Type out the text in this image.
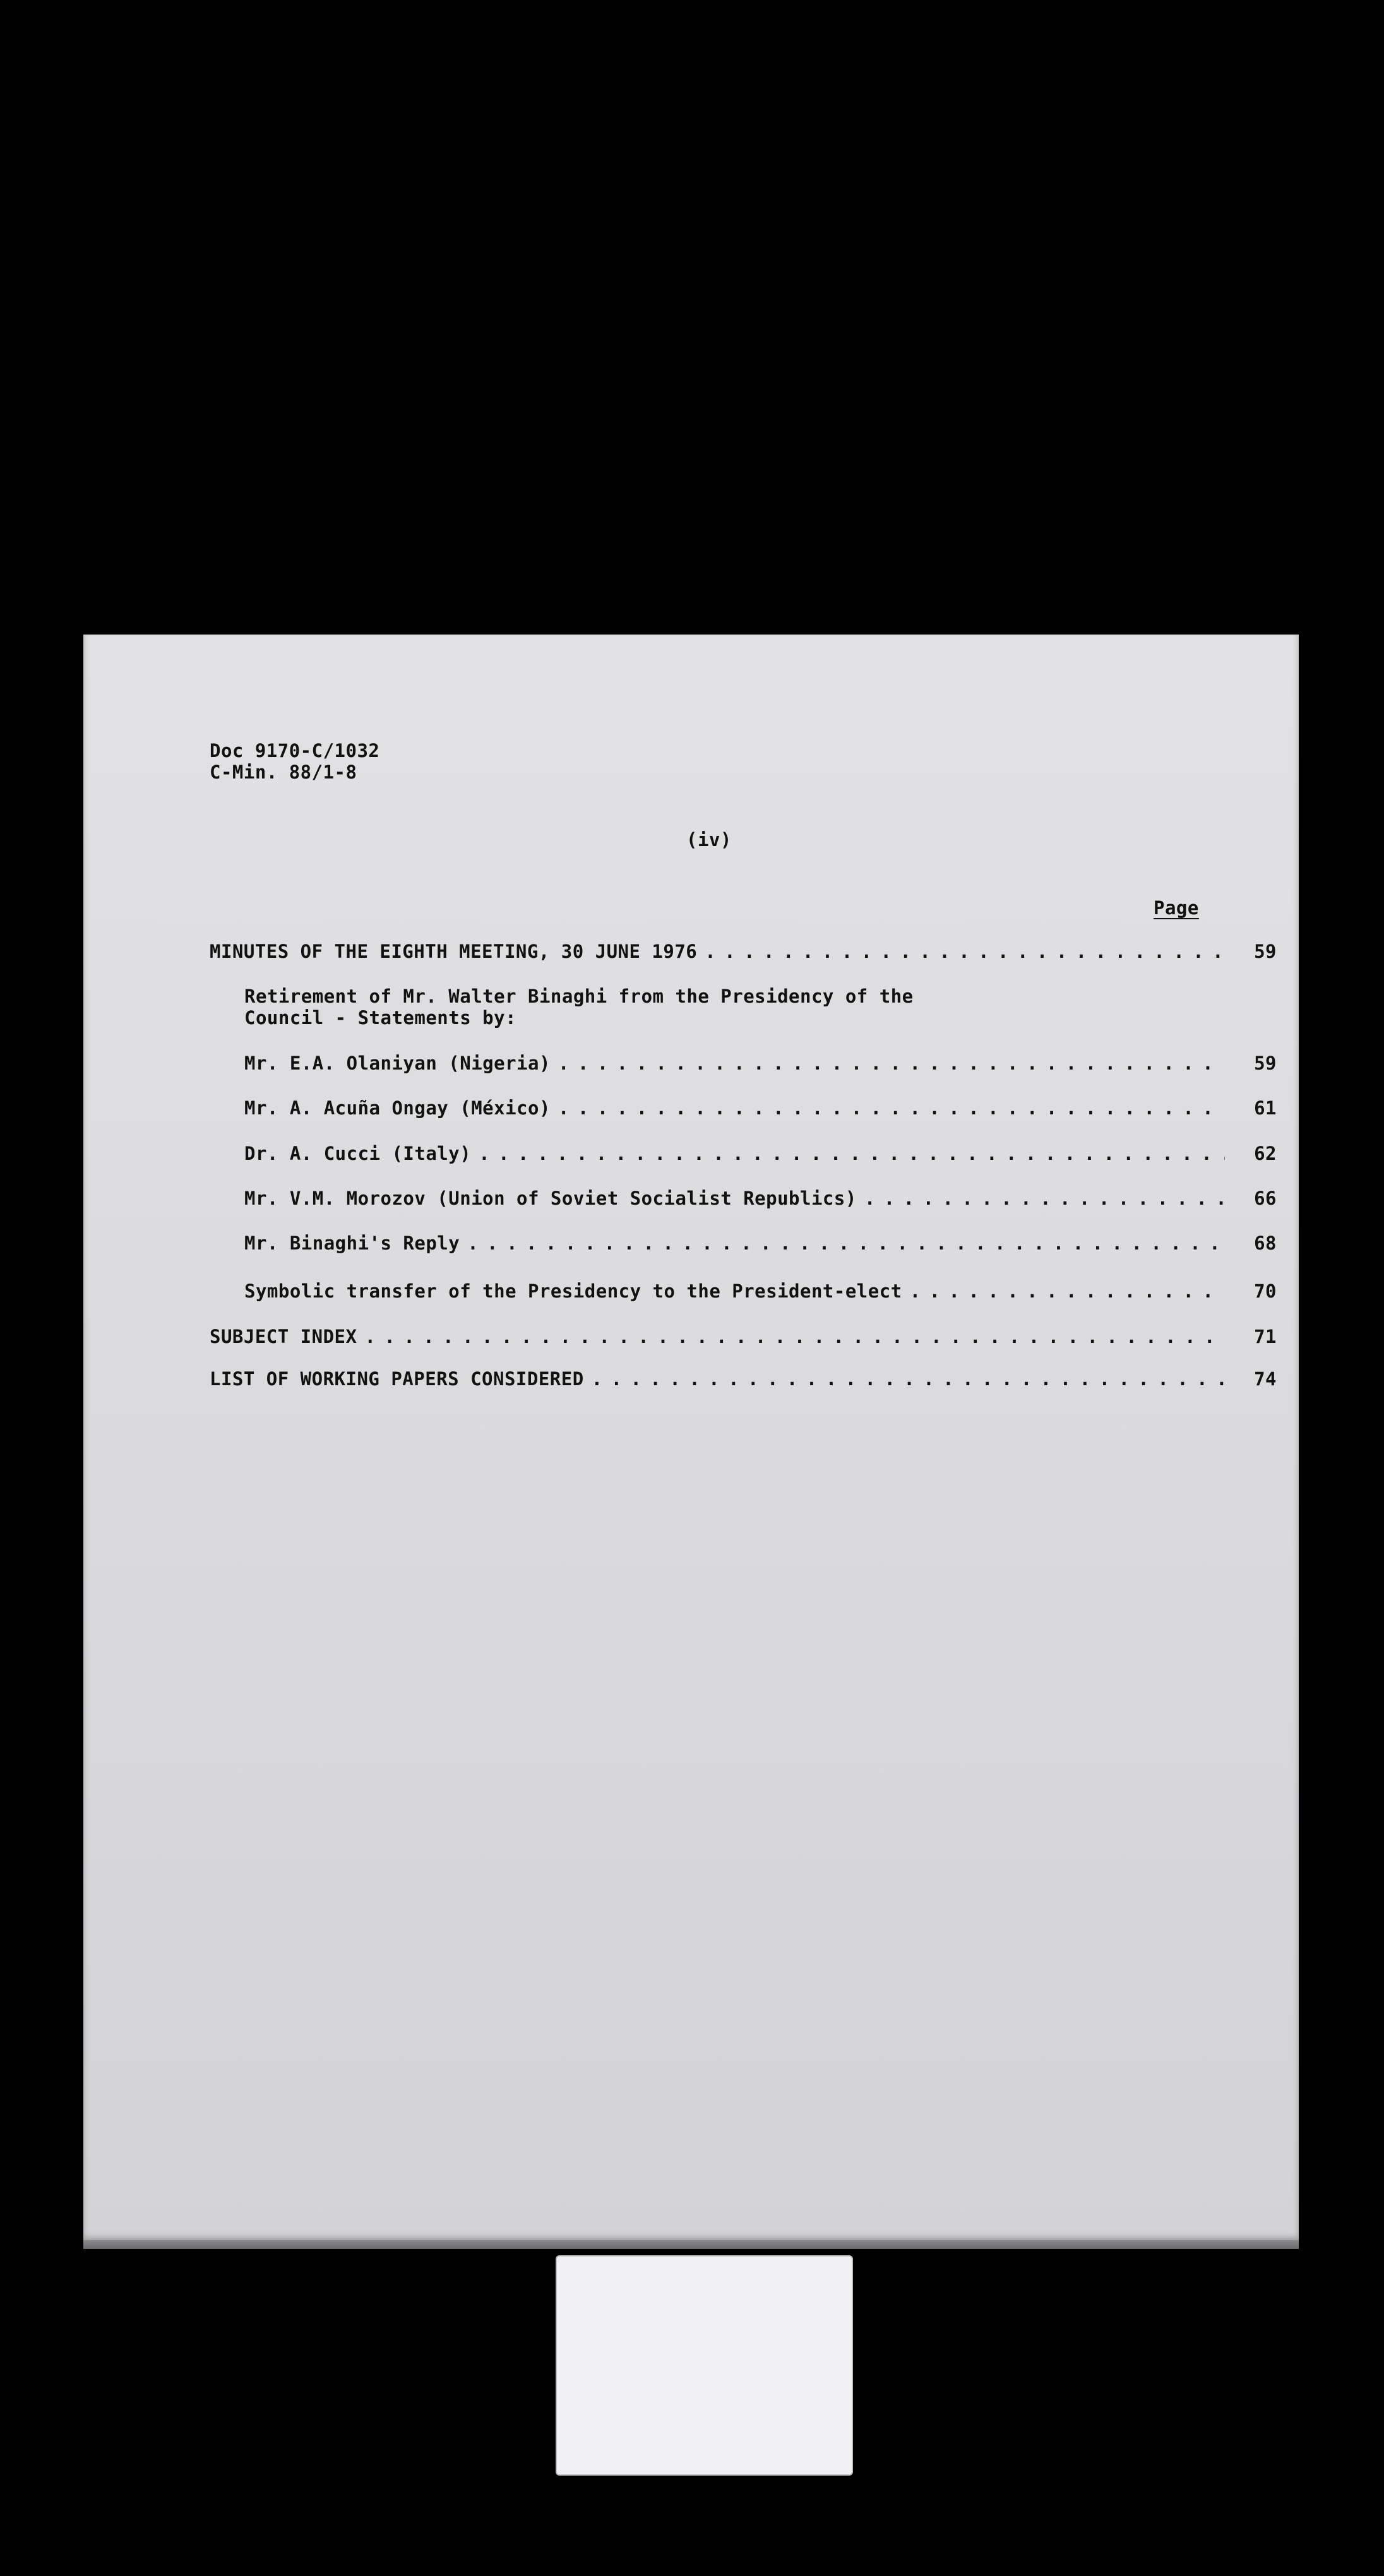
Doc 9170-C/1032
C-Min. 88/1-8
(iv)
Page
MINUTES OF THE EIGHTH MEETING, 30 JUNE 1976 . . .	59
Retirement of Mr. Walter Binaghi from the Presidency of the
Council - Statements by:
Mr. E.A. Olaniyan (Nigeria) . . .	59
Mr. A. Acuña Ongay (México) . . .	61
Dr. A. Cucci (Italy) . . .	62
Mr. V.M. Morozov (Union of Soviet Socialist Republics) . . .	66
Mr. Binaghi's Reply . . .	68
Symbolic transfer of the Presidency to the President-elect . . .	70
SUBJECT INDEX . . .	71
LIST OF WORKING PAPERS CONSIDERED . . .	74
